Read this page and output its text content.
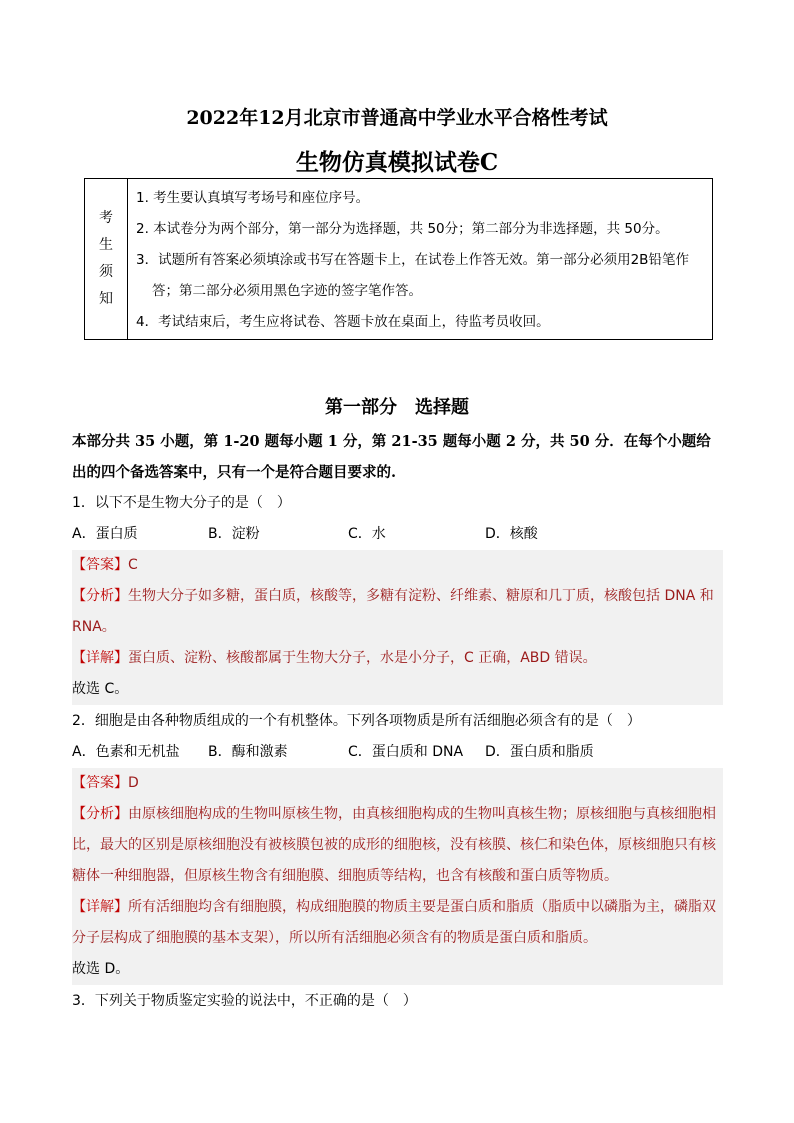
2022年12月北京市普通高中学业水平合格性考试
生物仿真模拟试卷C
考
生
须
知
1. 考生要认真填写考场号和座位序号。
2. 本试卷分为两个部分，第一部分为选择题，共 50分；第二部分为非选择题，共 50分。
3．试题所有答案必须填涂或书写在答题卡上，在试卷上作答无效。第一部分必须用2B铅笔作
答；第二部分必须用黑色字迹的签字笔作答。
4．考试结束后，考生应将试卷、答题卡放在桌面上，待监考员收回。
第一部分　选择题
本部分共 35 小题，第 1-20 题每小题 1 分，第 21-35 题每小题 2 分，共 50 分．在每个小题给
出的四个备选答案中，只有一个是符合题目要求的.
1．以下不是生物大分子的是（　）
A．蛋白质	B．淀粉	C．水	D．核酸
【答案】C
【分析】生物大分子如多糖，蛋白质，核酸等，多糖有淀粉、纤维素、糖原和几丁质，核酸包括 DNA 和
RNA。
【详解】蛋白质、淀粉、核酸都属于生物大分子，水是小分子，C 正确，ABD 错误。
故选 C。
2．细胞是由各种物质组成的一个有机整体。下列各项物质是所有活细胞必须含有的是（　）
A．色素和无机盐 B．酶和激素	C．蛋白质和 DNA D．蛋白质和脂质
【答案】D
【分析】由原核细胞构成的生物叫原核生物，由真核细胞构成的生物叫真核生物；原核细胞与真核细胞相
比，最大的区别是原核细胞没有被核膜包被的成形的细胞核，没有核膜、核仁和染色体，原核细胞只有核
糖体一种细胞器，但原核生物含有细胞膜、细胞质等结构，也含有核酸和蛋白质等物质。
【详解】所有活细胞均含有细胞膜，构成细胞膜的物质主要是蛋白质和脂质（脂质中以磷脂为主，磷脂双
分子层构成了细胞膜的基本支架），所以所有活细胞必须含有的物质是蛋白质和脂质。
故选 D。
3．下列关于物质鉴定实验的说法中，不正确的是（　）
